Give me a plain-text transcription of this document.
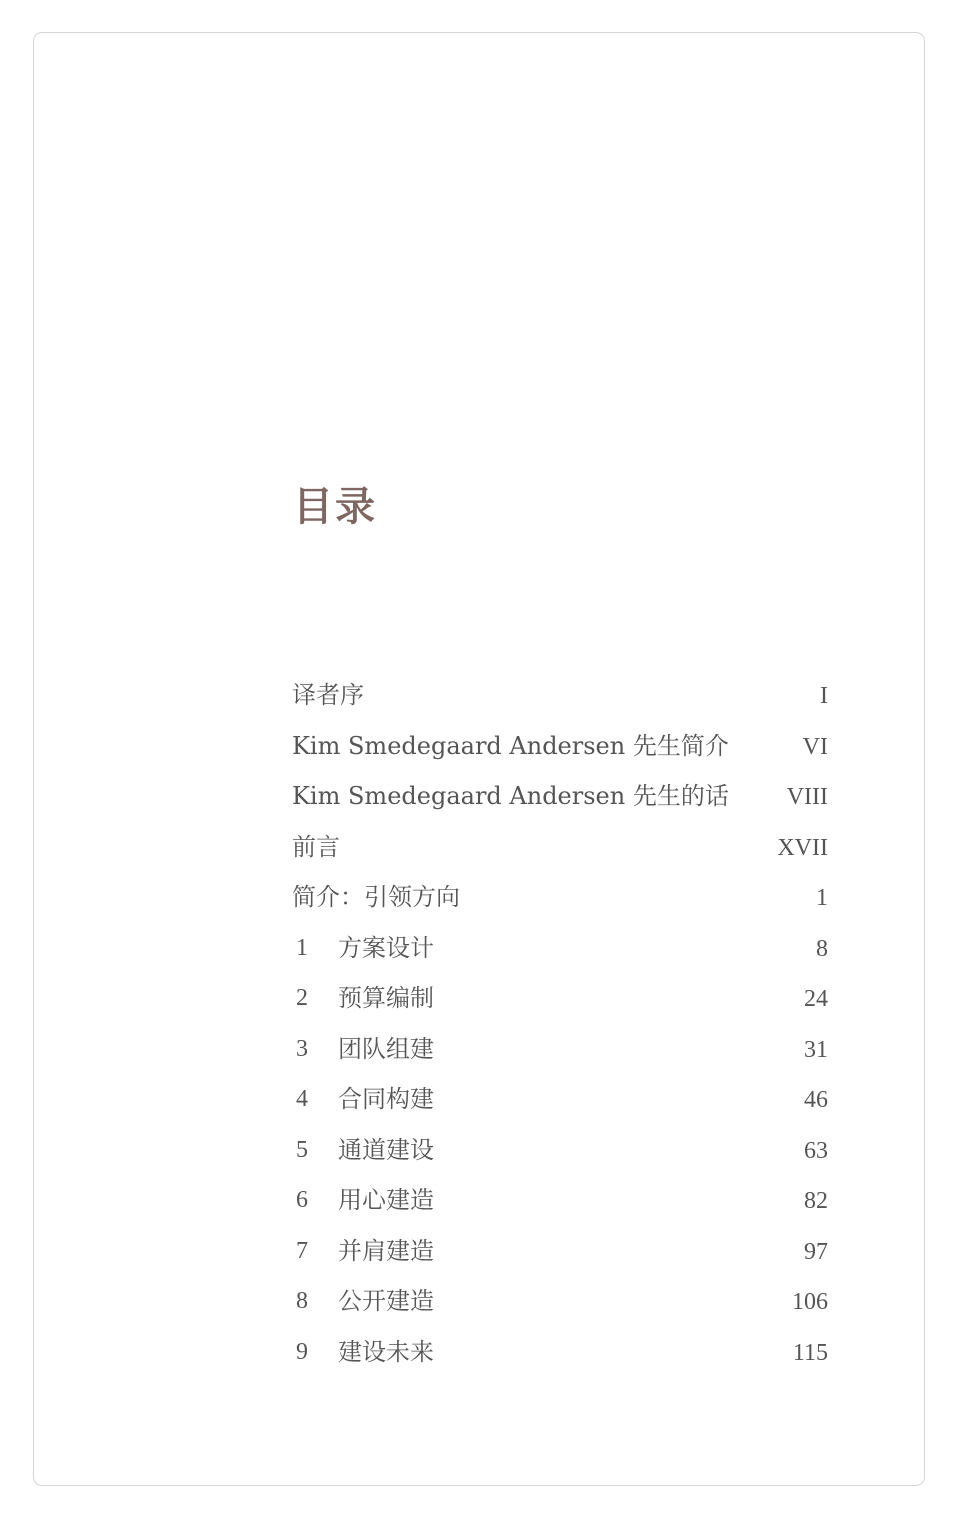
目录
译者序	I
Kim Smedegaard Andersen 先生简介	VI
Kim Smedegaard Andersen 先生的话 VIII
前言	XVII
简介：引领方向	1
1	方案设计	8
2	预算编制	24
3	团队组建	31
4	合同构建	46
5	通道建设	63
6	用心建造	82
7	并肩建造	97
8	公开建造	106
9	建设未来	115
